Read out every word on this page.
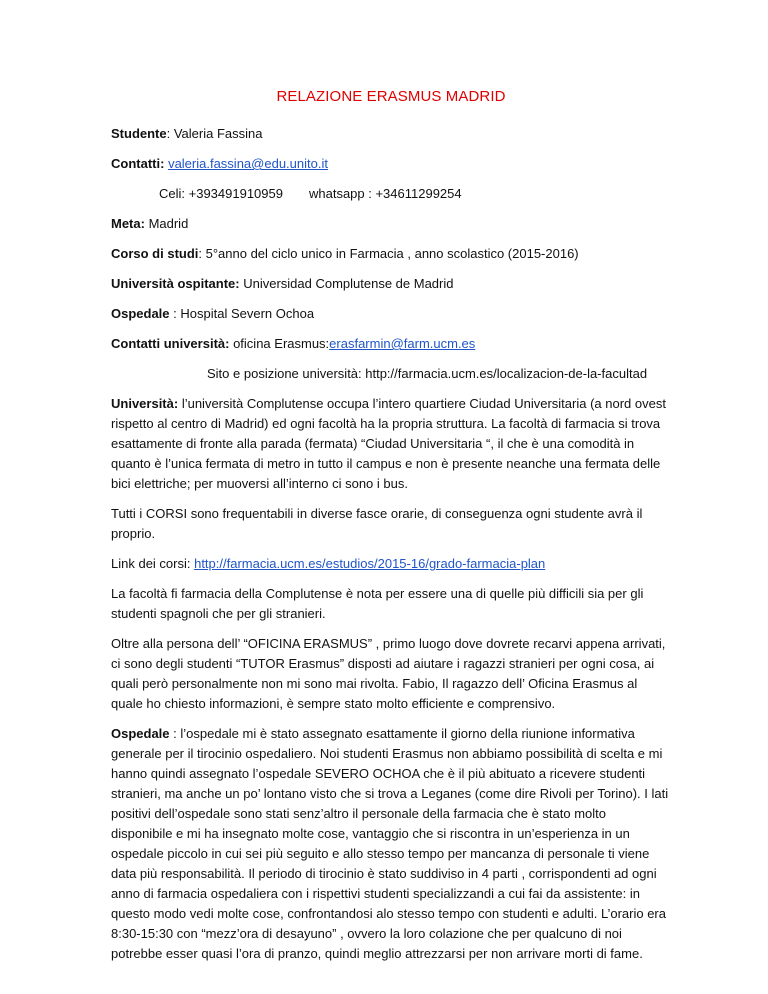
RELAZIONE ERASMUS MADRID
Studente: Valeria Fassina
Contatti: valeria.fassina@edu.unito.it
Celi: +393491910959 whatsapp : +34611299254
Meta: Madrid
Corso di studi: 5°anno del ciclo unico in Farmacia , anno scolastico (2015-2016)
Università ospitante: Universidad Complutense de Madrid
Ospedale : Hospital Severn Ochoa
Contatti università: oficina Erasmus:erasfarmin@farm.ucm.es
Sito e posizione università: http://farmacia.ucm.es/localizacion-de-la-facultad
Università: l’università Complutense occupa l’intero quartiere Ciudad Universitaria (a nord ovest rispetto al centro di Madrid) ed ogni facoltà ha la propria struttura. La facoltà di farmacia si trova esattamente di fronte alla parada (fermata) “Ciudad Universitaria “, il che è una comodità in quanto è l’unica fermata di metro in tutto il campus e non è presente neanche una fermata delle bici elettriche; per muoversi all’interno ci sono i bus.
Tutti i CORSI sono frequentabili in diverse fasce orarie, di conseguenza ogni studente avrà il proprio.
Link dei corsi: http://farmacia.ucm.es/estudios/2015-16/grado-farmacia-plan
La facoltà fi farmacia della Complutense è nota per essere una di quelle più difficili sia per gli studenti spagnoli che per gli stranieri.
Oltre alla persona dell’ “OFICINA ERASMUS” , primo luogo dove dovrete recarvi appena arrivati, ci sono degli studenti “TUTOR Erasmus” disposti ad aiutare i ragazzi stranieri per ogni cosa, ai quali però personalmente non mi sono mai rivolta. Fabio, Il ragazzo dell’ Oficina Erasmus al quale ho chiesto informazioni, è sempre stato molto efficiente e comprensivo.
Ospedale : l’ospedale mi è stato assegnato esattamente il giorno della riunione informativa generale per il tirocinio ospedaliero. Noi studenti Erasmus non abbiamo possibilità di scelta e mi hanno quindi assegnato l’ospedale SEVERO OCHOA che è il più abituato a ricevere studenti stranieri, ma anche un po’ lontano visto che si trova a Leganes (come dire Rivoli per Torino). I lati positivi dell’ospedale sono stati senz’altro il personale della farmacia che è stato molto disponibile e mi ha insegnato molte cose, vantaggio che si riscontra in un’esperienza in un ospedale piccolo in cui sei più seguito e allo stesso tempo per mancanza di personale ti viene data più responsabilità. Il periodo di tirocinio è stato suddiviso in 4 parti , corrispondenti ad ogni anno di farmacia ospedaliera con i rispettivi studenti specializzandi a cui fai da assistente: in questo modo vedi molte cose, confrontandosi alo stesso tempo con studenti e adulti. L’orario era 8:30-15:30 con “mezz’ora di desayuno” , ovvero la loro colazione che per qualcuno di noi potrebbe esser quasi l’ora di pranzo, quindi meglio attrezzarsi per non arrivare morti di fame.
